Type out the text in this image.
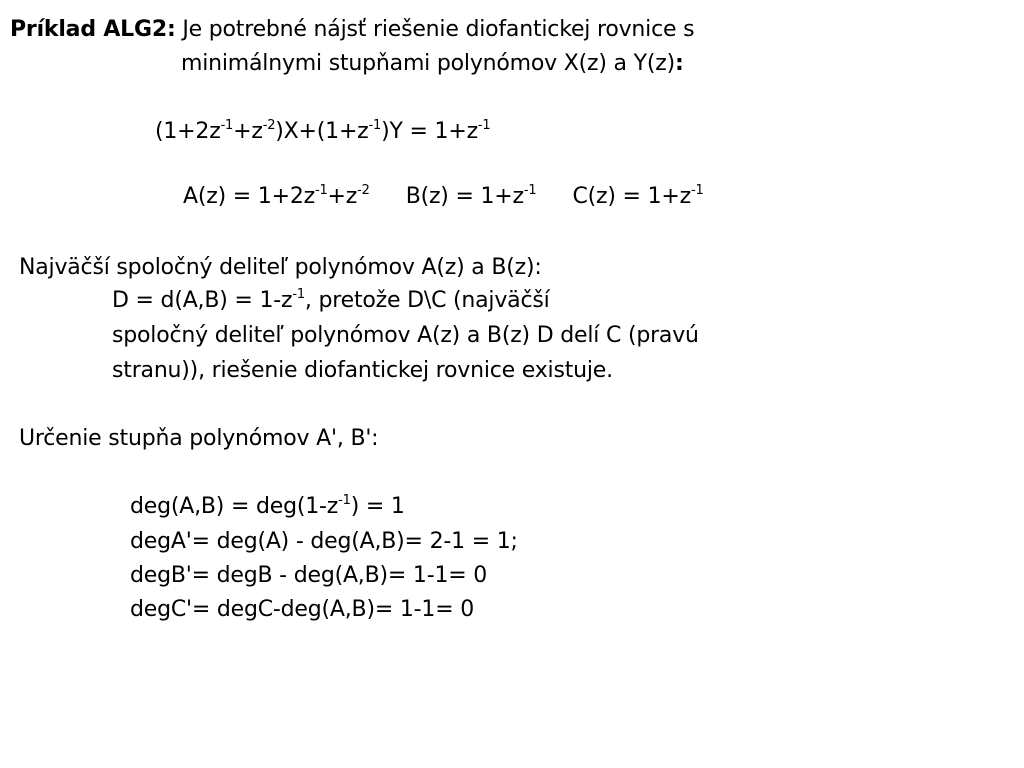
Príklad ALG2: Je potrebné nájsť riešenie diofantickej rovnice s
minimálnymi stupňami polynómov X(z) a Y(z):
$(1+2z^{-1}+z^{-2})X+(1+z^{-1})Y = 1+z^{-1}$
$A(z) = 1+2z^{-1}+z^{-2}$ $B(z) = 1+z^{-1}$ $C(z) = 1+z^{-1}$
Najväčší spoločný deliteľ polynómov A(z) a B(z):
$D = d(A,B) = 1-z^{-1}$, pretože D\C (najväčší
spoločný deliteľ polynómov A(z) a B(z) D delí C (pravú
stranu)), riešenie diofantickej rovnice existuje.
Určenie stupňa polynómov A', B':
$deg(A,B) = deg(1-z^{-1}) = 1$
degA'= deg(A) - deg(A,B)= 2-1 = 1;
degB'= degB - deg(A,B)= 1-1= 0
degC'= degC-deg(A,B)= 1-1= 0
